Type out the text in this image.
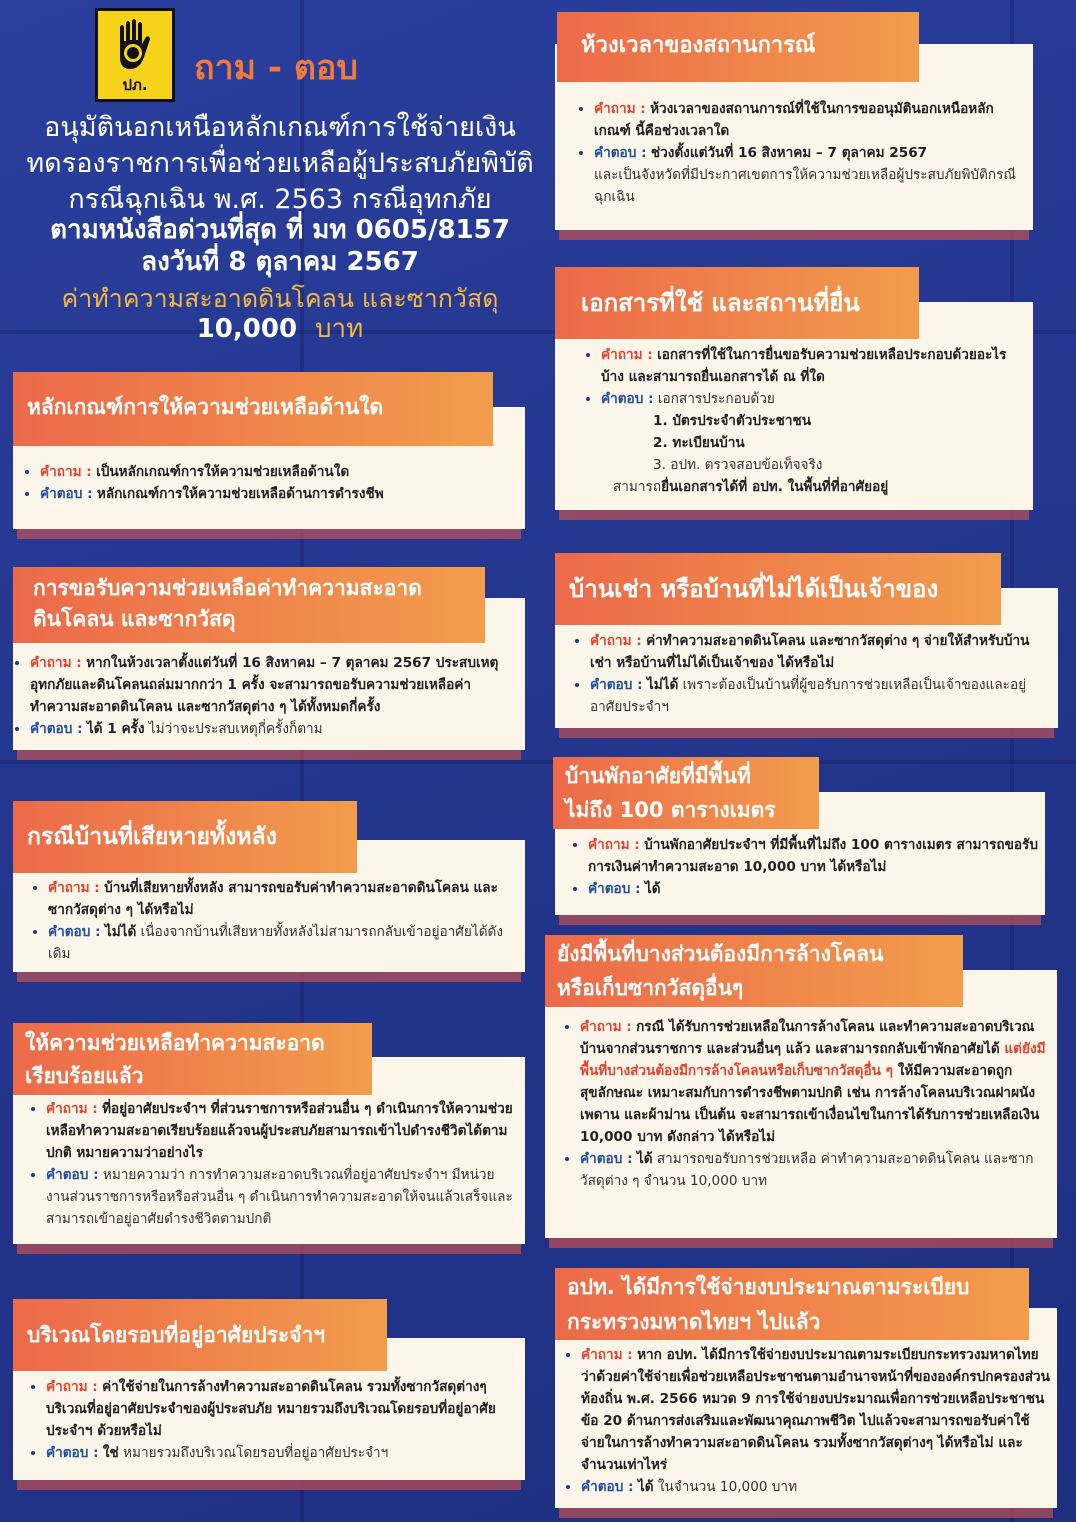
ปภ.	ถาม - ตอบ
อนุมัตินอกเหนือหลักเกณฑ์การใช้จ่ายเงิน
ทดรองราชการเพื่อช่วยเหลือผู้ประสบภัยพิบัติ
กรณีฉุกเฉิน พ.ศ. 2563 กรณีอุทกภัย
ตามหนังสือด่วนที่สุด ที่ มท 0605/8157
ลงวันที่ 8 ตุลาคม 2567
ค่าทำความสะอาดดินโคลน และซากวัสดุ
10,000 บาท
หลักเกณฑ์การให้ความช่วยเหลือด้านใด
• คำถาม : เป็นหลักเกณฑ์การให้ความช่วยเหลือด้านใด
• คำตอบ : หลักเกณฑ์การให้ความช่วยเหลือด้านการดำรงชีพ
การขอรับความช่วยเหลือค่าทำความสะอาด
ดินโคลน และซากวัสดุ
• คำถาม : หากในห้วงเวลาตั้งแต่วันที่ 16 สิงหาคม – 7 ตุลาคม 2567 ประสบเหตุอุทกภัยและดินโคลนถล่มมากกว่า 1 ครั้ง จะสามารถขอรับความช่วยเหลือค่าทำความสะอาดดินโคลน และซากวัสดุต่าง ๆ ได้ทั้งหมดกี่ครั้ง
• คำตอบ : ได้ 1 ครั้ง ไม่ว่าจะประสบเหตุกี่ครั้งก็ตาม
กรณีบ้านที่เสียหายทั้งหลัง
• คำถาม : บ้านที่เสียหายทั้งหลัง สามารถขอรับค่าทำความสะอาดดินโคลน และซากวัสดุต่าง ๆ ได้หรือไม่
• คำตอบ : ไม่ได้ เนื่องจากบ้านที่เสียหายทั้งหลังไม่สามารถกลับเข้าอยู่อาศัยได้ดังเดิม
ให้ความช่วยเหลือทำความสะอาด
เรียบร้อยแล้ว
• คำถาม : ที่อยู่อาศัยประจำฯ ที่ส่วนราชการหรือส่วนอื่น ๆ ดำเนินการให้ความช่วยเหลือทำความสะอาดเรียบร้อยแล้วจนผู้ประสบภัยสามารถเข้าไปดำรงชีวิตได้ตามปกติ หมายความว่าอย่างไร
• คำตอบ : หมายความว่า การทำความสะอาดบริเวณที่อยู่อาศัยประจำฯ มีหน่วยงานส่วนราชการหรือหรือส่วนอื่น ๆ ดำเนินการทำความสะอาดให้จนแล้วเสร็จและสามารถเข้าอยู่อาศัยดำรงชีวิตตามปกติ
บริเวณโดยรอบที่อยู่อาศัยประจำฯ
• คำถาม : ค่าใช้จ่ายในการล้างทำความสะอาดดินโคลน รวมทั้งซากวัสดุต่างๆ บริเวณที่อยู่อาศัยประจำของผู้ประสบภัย หมายรวมถึงบริเวณโดยรอบที่อยู่อาศัยประจำฯ ด้วยหรือไม่
• คำตอบ : ใช่ หมายรวมถึงบริเวณโดยรอบที่อยู่อาศัยประจำฯ
ห้วงเวลาของสถานการณ์
• คำถาม : ห้วงเวลาของสถานการณ์ที่ใช้ในการขออนุมัตินอกเหนือหลักเกณฑ์ นี้คือช่วงเวลาใด
• คำตอบ : ช่วงตั้งแต่วันที่ 16 สิงหาคม – 7 ตุลาคม 2567
และเป็นจังหวัดที่มีประกาศเขตการให้ความช่วยเหลือผู้ประสบภัยพิบัติกรณีฉุกเฉิน
เอกสารที่ใช้ และสถานที่ยื่น
• คำถาม : เอกสารที่ใช้ในการยื่นขอรับความช่วยเหลือประกอบด้วยอะไรบ้าง และสามารถยื่นเอกสารได้ ณ ที่ใด
• คำตอบ : เอกสารประกอบด้วย
1. บัตรประจำตัวประชาชน
2. ทะเบียนบ้าน
3. อปท. ตรวจสอบข้อเท็จจริง
สามารถยื่นเอกสารได้ที่ อปท. ในพื้นที่ที่อาศัยอยู่
บ้านเช่า หรือบ้านที่ไม่ได้เป็นเจ้าของ
• คำถาม : ค่าทำความสะอาดดินโคลน และซากวัสดุต่าง ๆ จ่ายให้สำหรับบ้านเช่า หรือบ้านที่ไม่ได้เป็นเจ้าของ ได้หรือไม่
• คำตอบ : ไม่ได้ เพราะต้องเป็นบ้านที่ผู้ขอรับการช่วยเหลือเป็นเจ้าของและอยู่อาศัยประจำฯ
บ้านพักอาศัยที่มีพื้นที่
ไม่ถึง 100 ตารางเมตร
• คำถาม : บ้านพักอาศัยประจำฯ ที่มีพื้นที่ไม่ถึง 100 ตารางเมตร สามารถขอรับการเงินค่าทำความสะอาด 10,000 บาท ได้หรือไม่
• คำตอบ : ได้
ยังมีพื้นที่บางส่วนต้องมีการล้างโคลน
หรือเก็บซากวัสดุอื่นๆ
• คำถาม : กรณี ได้รับการช่วยเหลือในการล้างโคลน และทำความสะอาดบริเวณบ้านจากส่วนราชการ และส่วนอื่นๆ แล้ว และสามารถกลับเข้าพักอาศัยได้ แต่ยังมีพื้นที่บางส่วนต้องมีการล้างโคลนหรือเก็บซากวัสดุอื่น ๆ ให้มีความสะอาดถูกสุขลักษณะ เหมาะสมกับการดำรงชีพตามปกติ เช่น การล้างโคลนบริเวณฝาผนัง เพดาน และผ้าม่าน เป็นต้น จะสามารถเข้าเงื่อนไขในการได้รับการช่วยเหลือเงิน 10,000 บาท ดังกล่าว ได้หรือไม่
• คำตอบ : ได้ สามารถขอรับการช่วยเหลือ ค่าทำความสะอาดดินโคลน และซากวัสดุต่าง ๆ จำนวน 10,000 บาท
อปท. ได้มีการใช้จ่ายงบประมาณตามระเบียบ
กระทรวงมหาดไทยฯ ไปแล้ว
• คำถาม : หาก อปท. ได้มีการใช้จ่ายงบประมาณตามระเบียบกระทรวงมหาดไทยว่าด้วยค่าใช้จ่ายเพื่อช่วยเหลือประชาชนตามอำนาจหน้าที่ขององค์กรปกครองส่วนท้องถิ่น พ.ศ. 2566 หมวด 9 การใช้จ่ายงบประมาณเพื่อการช่วยเหลือประชาชน ข้อ 20 ด้านการส่งเสริมและพัฒนาคุณภาพชีวิต ไปแล้วจะสามารถขอรับค่าใช้จ่ายในการล้างทำความสะอาดดินโคลน รวมทั้งซากวัสดุต่างๆ ได้หรือไม่ และจำนวนเท่าไหร่
• คำตอบ : ได้ ในจำนวน 10,000 บาท
